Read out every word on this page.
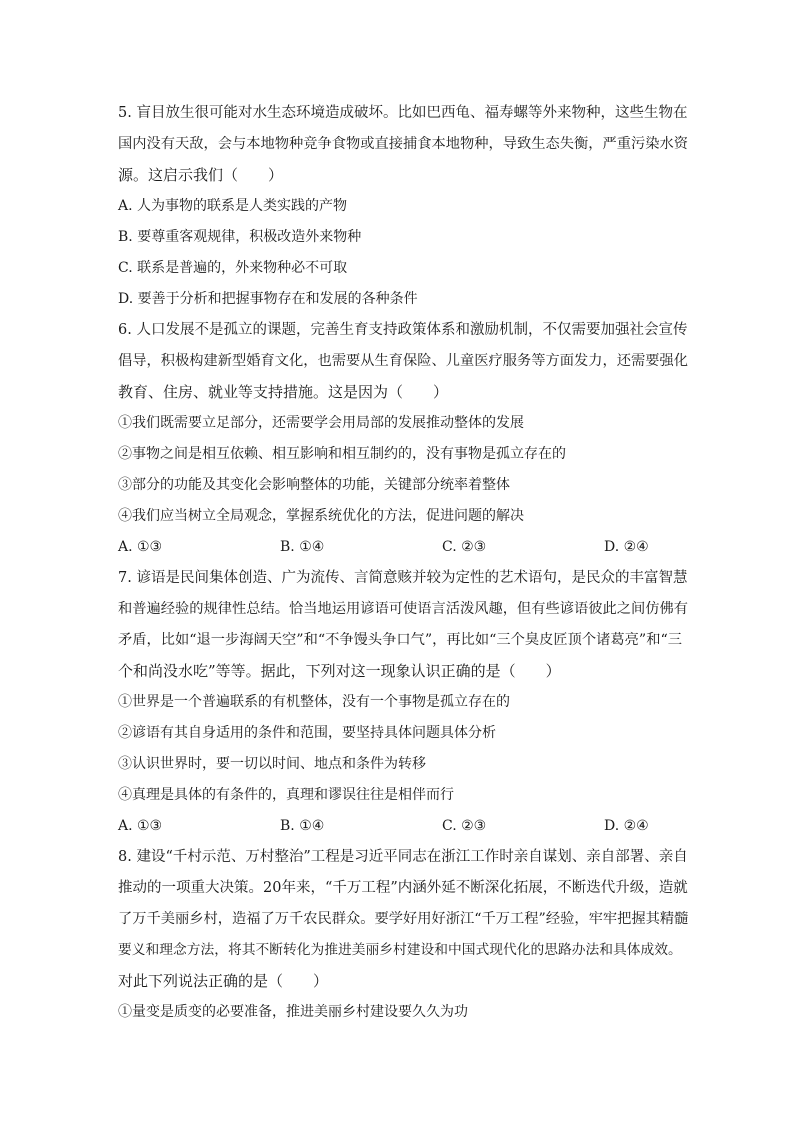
5. 盲目放生很可能对水生态环境造成破坏。比如巴西龟、福寿螺等外来物种，这些生物在
国内没有天敌，会与本地物种竞争食物或直接捕食本地物种，导致生态失衡，严重污染水资
源。这启示我们（　　）
A. 人为事物的联系是人类实践的产物
B. 要尊重客观规律，积极改造外来物种
C. 联系是普遍的，外来物种必不可取
D. 要善于分析和把握事物存在和发展的各种条件
6. 人口发展不是孤立的课题，完善生育支持政策体系和激励机制，不仅需要加强社会宣传
倡导，积极构建新型婚育文化，也需要从生育保险、儿童医疗服务等方面发力，还需要强化
教育、住房、就业等支持措施。这是因为（　　）
①我们既需要立足部分，还需要学会用局部的发展推动整体的发展
②事物之间是相互依赖、相互影响和相互制约的，没有事物是孤立存在的
③部分的功能及其变化会影响整体的功能，关键部分统率着整体
④我们应当树立全局观念，掌握系统优化的方法，促进问题的解决
A. ①③	B. ①④	C. ②③	D. ②④
7. 谚语是民间集体创造、广为流传、言简意赅并较为定性的艺术语句，是民众的丰富智慧
和普遍经验的规律性总结。恰当地运用谚语可使语言活泼风趣，但有些谚语彼此之间仿佛有
矛盾，比如“退一步海阔天空”和“不争馒头争口气”，再比如“三个臭皮匠顶个诸葛亮”和“三
个和尚没水吃”等等。据此，下列对这一现象认识正确的是（　　）
①世界是一个普遍联系的有机整体，没有一个事物是孤立存在的
②谚语有其自身适用的条件和范围，要坚持具体问题具体分析
③认识世界时，要一切以时间、地点和条件为转移
④真理是具体的有条件的，真理和谬误往往是相伴而行
A. ①③	B. ①④	C. ②③	D. ②④
8. 建设“千村示范、万村整治”工程是习近平同志在浙江工作时亲自谋划、亲自部署、亲自
推动的一项重大决策。20年来，“千万工程”内涵外延不断深化拓展，不断迭代升级，造就
了万千美丽乡村，造福了万千农民群众。要学好用好浙江“千万工程”经验，牢牢把握其精髓
要义和理念方法，将其不断转化为推进美丽乡村建设和中国式现代化的思路办法和具体成效。
对此下列说法正确的是（　　）
①量变是质变的必要准备，推进美丽乡村建设要久久为功
